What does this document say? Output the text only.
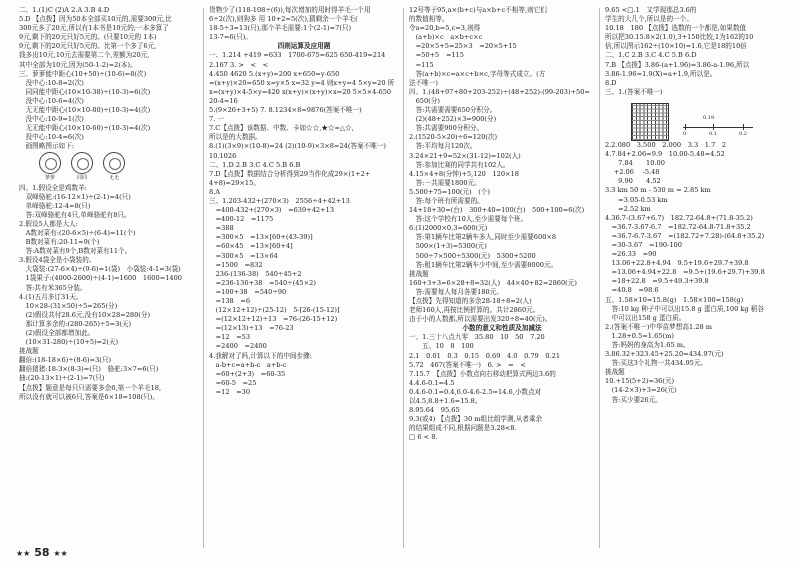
二、1.(1)C (2)A 2.A 3.B 4.D
5.D 【点拨】因为50本全部买10元的,需要300元,比
300元多了20元,所以有1本书是10元的;一本多算了
9元,剩下的20元只好5元的。(只要10元的 1本)
9元,剩下的20元只好5元的。比第一个多了6元,
钱多出10元,10元去需要第二个,差额为20元,
其中全部为10元,因为(50-1-2)=2(本)。
三、萝萝能中距心(10+50)÷(10-6)=8(次)
　没中心:10-8=2(次)
　同同能中距心(10×10-38)÷(10-3)=6(次)
　没中心:10-6=4(次)
　无无能中距心(10×10-80)÷(10-3)=4(次)
　没中心:10-9=1(次)
　无无能中距心(10×10-60)÷(10-3)=4(次)
　投中心:10-4=6(次)
　画图略图示如下:
萝萝	同同	无无
四、1.假设全是鸡数羊:
　双峰骆驼:(16-12×1)÷(2-1)=4(只)
　单峰骆驼:12-4=8(只)
　答:双峰骆驼有4只,单峰骆驼有8只。
2.假设5人都是大人:
　A数对菜有:(20-6×5)÷(6-4)=11(个)
　B数对菜有:20-11=9(个)
　答:A数对菜有9个,B数对菜有11个。
3.假设4袋全是小袋装的。
　大袋装:(27-6×4)÷(9-6)=1(袋)　小袋装:4-1=3(袋)
　1袋果子:(4000-2600)÷(4-1)=1600　1600=1400
　答:共有米365分装。
4.(1)五月多订31天。
　10×28-(31×50)÷5=265(分)
　(2)假设共付28.6元,没有10×28=280(分)
　那计算多余的:(280-265)÷5=3(天)
　(2)假设全部都增加此。
　(10×31-280)÷(10+5)=2(天)
挑战题
翻倍:(18-18×6)÷(8-6)=3(只)
翻倍猪猪:18-3×(8-3)=(只)　骆驼:3×7=6(只)
抽:(20-13×1)÷(2-1)=7(只)
【点拨】题意是每只只需要多余6,第一个羊毛18,
所以没有就可以被6只,答案是6×18=108(只)。
货物少了(118-108÷(6)),每次增加的用时得羊毛一个用
6÷2(次),则狗多 用 10+2=5(次),猜剩余一个羊毛(
18-5÷3=13(只),那个羊毛需要:1个(2-1)=7(只)
13-7=6(只)。
四则运算及应用题
一、1.214 +419 =633　1700-675=625 650-419=214
2.167 3. >　<　<
4.450 4620 5.(x+y)=200 x+650=y-650
=(x+y)×20=650 x=y×5 x=32 y=4 则x+y=4 5×y=20 所
x=(x+y)×4-5×y=420 x(x+y)×(x+y)×x=20 5×5×4-650
20-4=16
5.(9×26+3+5) 7. 8.1234×8=9876(答案不唯一)
7. 一
7.C【点拨】该数据、中数、卡如☆☆,★☆=△☆,
所以是的大数据。
8.(1)(3×9)×(10-8)=24 (2)(10-9)×3×8=24(答案不唯一)
10.1026
二、1.D 2.B 3.C 4.C 5.B 6.B
7.D【点拨】数据结合分析得到29当作化成29×(1+2+
4+8)=29×15。
8.A
三、1.203-432+(270×3)　2556÷4+42+13
　=400-432+(270×3)　=639+42+13
　=400-12　=1175
　=388
　=300×5　=13×[60+(43-39)]
　=60×45　=13×[60+4]
　=300×5　=13×64
　=1500　=832
　236-(136-38)　540÷45+2
　=236-136+38　=540÷(45×2)
　=100+38　=540÷90
　=138　=6
　(12×12+12)÷(25-12)　5-[26-(15-12)]
　=(12×12+12)÷13　=76-(26-15+12)
　=(12×13)÷13　=76-23
　=12　=53
　=2400　=2400
4.我解对了吗,计算以下的中间步骤:
　a-b+c=a+b-c　a+b-c
　=60+(2+3)　=60-35
　=60-5　=25
　=12　=30
12号等于95,a×(b+c)与a×b+c不相等,则它们
的数值相等。
令a=20,b=5,c=3,则得
　(a+b)×c　a×b+c×c
　=20×5+5=25×3　=20×5+15
　=50+5　=115
　=115
　答(a+b)×c=a×c+b×c,字母等式成立。(方
法不唯一)
四、1.(48+97+80+203-252)÷(48+252)-(99-203)+50=
　650(分)
　答:共需要需要650分积分。
　(2)(48+252)×3=900(分)
　答:共需要900分积分。
2.(1520-5×20)÷6=120(次)
　答:平均每月120次。
3.24×21+9=52×(31-12)=102(人)
　答:参加比赛的同学共有102人。
4.15×4+8(分钟)+5,120　120×18
　答:一共需要1800元。
5.500+75=100(元)　(个)
　答:每个班有所需要的。
14+18+30=(台)　300+40=100(台)　500+100=6(次)
　答:这个学校有10人,至少需要每个班。
6.(1)2000×0.3=600(元)
　答:第1辆车比第2辆车多人,同时至少需要600×8
　500×(1+3)=5300(元)
　500÷7×500÷5300(元)　5300+5200
　答:租1辆车比第2辆车少中间,至少需要8000元。
挑战题
160+3+3=6×28+8=32(人)　44×40+82=2860(元)
　答:需要每人每月各要180元。
【点拨】先得知道的多余28-18÷8=2(人)
老师160人,再按比例折算的。共计2860元。
由于小的人数都,所以需要出发320÷8=40(元)。
小数的意义和性质及加减法
一、1.三十八点九零　35.80　10　50　7.20
　　五、10　8　100
2.1　0.01　0.3　0.15　0.69　4.0　0.79　0.21
5.72　467(答案不唯一)　6. >　=　<
7.15.7　【点拨】小数点向右移动把算式两边3.6的
4.4.6-0.1=4.5
0.4.6-0.1=0.4,6.0-4.6-2.5=14.6,小数点对
以4.5,8.8+1.6=15.8。
8.95.64　95.65
9.3(或4) 【点拨】30 m组比组学测,从者乘余
的结果组成不同,根据问题是3.28<8.
□ 6 < 8.
9.65 <□.1　又学现那总3.6的
学生的大几个,所以是的一个。
10.18　180 【点拨】选数的一个都是,如果数值
所以把30.15.8×2(1.0),3+150比较,1为162的10
倍,所以图示162÷(10×10)=1.6,它是18的10倍
二、1.C 2.B 3.C 4.C 5.B 6.D
7.B 【点拨】3.86-(a+1.96)=3.86-a-1.96,所以
3.86-1.96=1.9(X)=a+1.9,所以是。
8.D
三、1.(答案不唯一)
0.19
0	0.1	0.2
2.2.080　3.500　2.000　3.3　1.7　2
4.7.84+2.06=9.9　10.00-5.48=4.52
　　7.84　　10.00
　 +2.06　 -5.48
　　9.90　　4.52
3.3 km 50 m - 530 m = 2.85 km
　　=3.05-0.53 km
　　=2.52 km
4.36.7-(3.67+6.7)　182.72-64.8+(71.8-35.2)
　=36.7-3.67-6.7　=182.72-64.8-71.8+35.2
　=36.7-6.7-3.67　=(182.72+7.28)-(64.8+35.2)
　=30-3.67　=190-100
　=26.33　=90
　13.06+22.8+4.94　9.5+19.6+29.7+39.8
　=13.06+4.94+22.8　=9.5+(19.6+29.7)+39.8
　=18+22.8　=9.5+49.3+39.8
　=40.8　=98.6
五、1.58×10=15.8(g)　1.58×100=158(g)
　答:10 kg 种子中可以出15.8 g 蛋白质,100 kg 稻谷
　中可以出158 g 蛋白质。
2.(答案不唯一)中华苗梦想高1.28 m
　1.28+0.5=1.65(m)
　答:妈妈的身高为1.65 m。
3.86.32+323.45+25.20=434.97(元)
　答:买这3个礼物一共434.95元。
挑战题
10.+15(5+2)=36(元)
　(14-2×3)+3=26(元)
　答:买少要26元。
★★ 58 ★★
